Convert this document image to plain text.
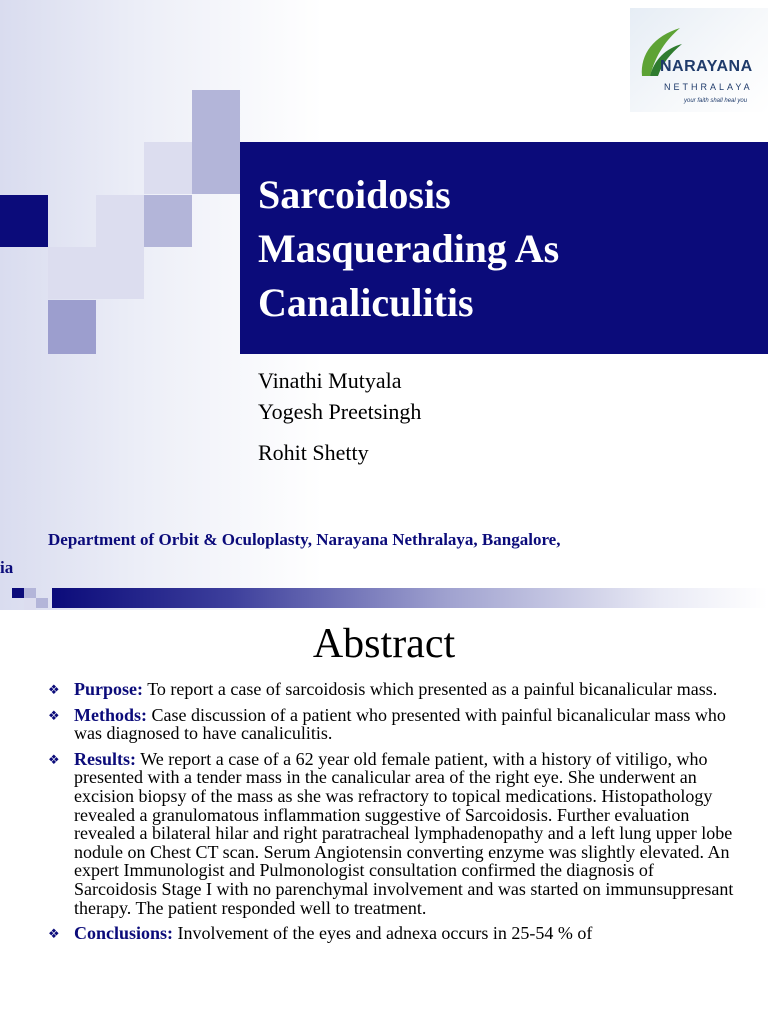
Sarcoidosis
Masquerading As
Canaliculitis
Vinathi Mutyala
Yogesh Preetsingh
Rohit Shetty
Department of Orbit & Oculoplasty, Narayana Nethralaya, Bangalore,
ia
NARAYANA
NETHRALAYA
your faith shall heal you
Abstract
❖ Purpose: To report a case of sarcoidosis which presented as a painful bicanalicular mass.
❖ Methods: Case discussion of a patient who presented with painful bicanalicular mass who was diagnosed to have canaliculitis.
❖ Results: We report a case of a 62 year old female patient, with a history of vitiligo, who presented with a tender mass in the canalicular area of the right eye. She underwent an excision biopsy of the mass as she was refractory to topical medications. Histopathology revealed a granulomatous inflammation suggestive of Sarcoidosis. Further evaluation revealed a bilateral hilar and right paratracheal lymphadenopathy and a left lung upper lobe nodule on Chest CT scan. Serum Angiotensin converting enzyme was slightly elevated. An expert Immunologist and Pulmonologist consultation confirmed the diagnosis of Sarcoidosis Stage I with no parenchymal involvement and was started on immunsuppresant therapy. The patient responded well to treatment.
❖ Conclusions: Involvement of the eyes and adnexa occurs in 25-54 % of
